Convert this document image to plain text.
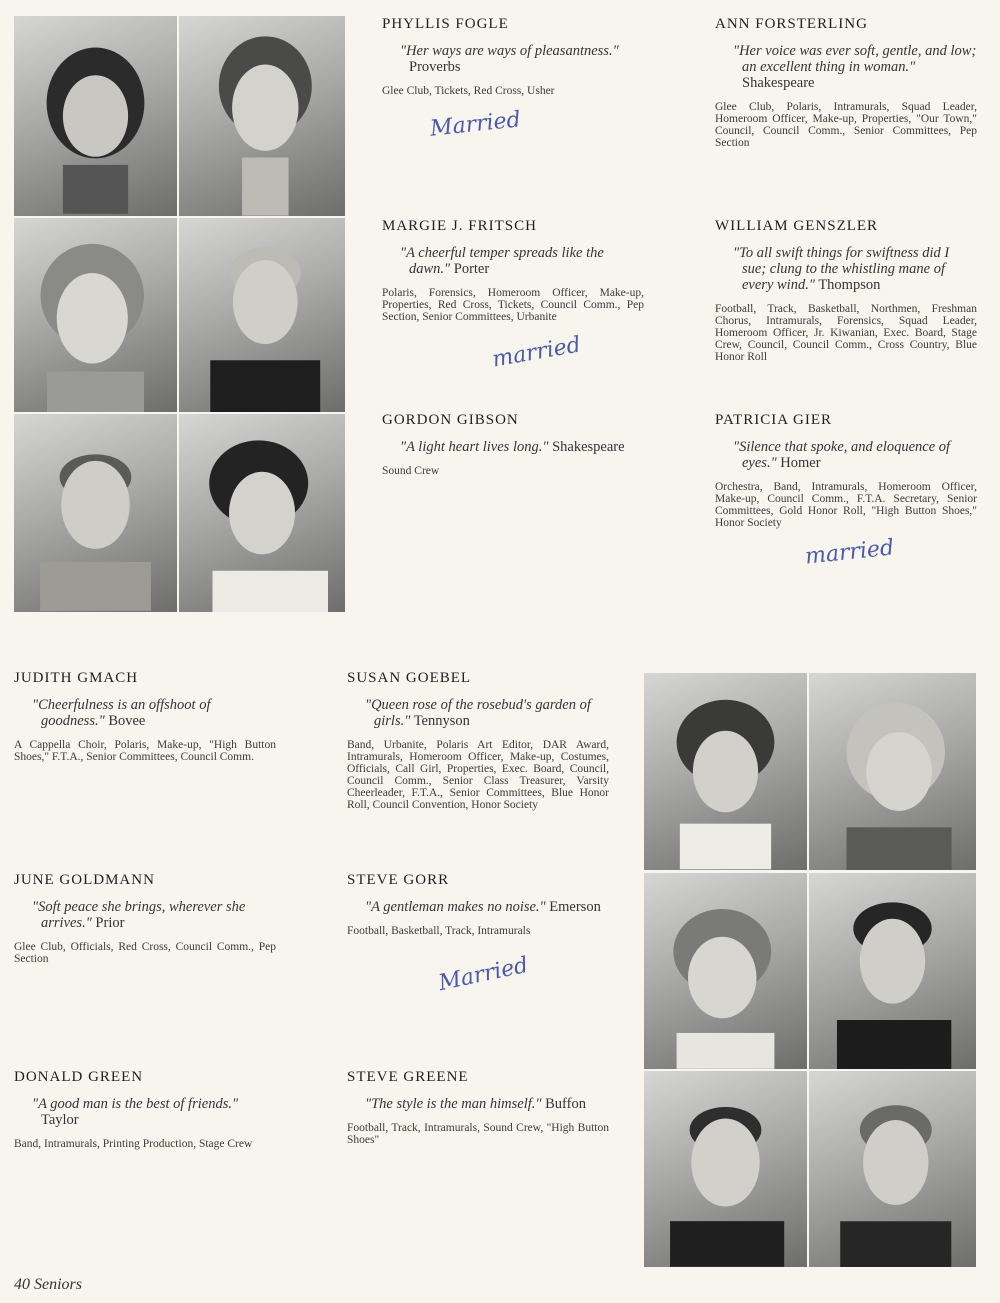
PHYLLIS FOGLE
"Her ways are ways of pleasantness." Proverbs
Glee Club, Tickets, Red Cross, Usher
Married
MARGIE J. FRITSCH
"A cheerful temper spreads like the dawn." Porter
Polaris, Forensics, Homeroom Officer, Make-up, Properties, Red Cross, Tickets, Council Comm., Pep Section, Senior Committees, Urbanite
married
GORDON GIBSON
"A light heart lives long." Shakespeare
Sound Crew
ANN FORSTERLING
"Her voice was ever soft, gentle, and low; an excellent thing in woman." Shakespeare
Glee Club, Polaris, Intramurals, Squad Leader, Homeroom Officer, Make-up, Properties, "Our Town," Council, Council Comm., Senior Committees, Pep Section
WILLIAM GENSZLER
"To all swift things for swiftness did I sue; clung to the whistling mane of every wind." Thompson
Football, Track, Basketball, Northmen, Freshman Chorus, Intramurals, Forensics, Squad Leader, Homeroom Officer, Jr. Kiwanian, Exec. Board, Stage Crew, Council, Council Comm., Cross Country, Blue Honor Roll
PATRICIA GIER
"Silence that spoke, and eloquence of eyes." Homer
Orchestra, Band, Intramurals, Homeroom Officer, Make-up, Council Comm., F.T.A. Secretary, Senior Committees, Gold Honor Roll, "High Button Shoes," Honor Society
married
JUDITH GMACH
"Cheerfulness is an offshoot of goodness." Bovee
A Cappella Choir, Polaris, Make-up, "High Button Shoes," F.T.A., Senior Committees, Council Comm.
JUNE GOLDMANN
"Soft peace she brings, wherever she arrives." Prior
Glee Club, Officials, Red Cross, Council Comm., Pep Section
DONALD GREEN
"A good man is the best of friends." Taylor
Band, Intramurals, Printing Production, Stage Crew
SUSAN GOEBEL
"Queen rose of the rosebud's garden of girls." Tennyson
Band, Urbanite, Polaris Art Editor, DAR Award, Intramurals, Homeroom Officer, Make-up, Costumes, Officials, Call Girl, Properties, Exec. Board, Council, Council Comm., Senior Class Treasurer, Varsity Cheerleader, F.T.A., Senior Committees, Blue Honor Roll, Council Convention, Honor Society
STEVE GORR
"A gentleman makes no noise." Emerson
Football, Basketball, Track, Intramurals
Married
STEVE GREENE
"The style is the man himself." Buffon
Football, Track, Intramurals, Sound Crew, "High Button Shoes"
40 Seniors
